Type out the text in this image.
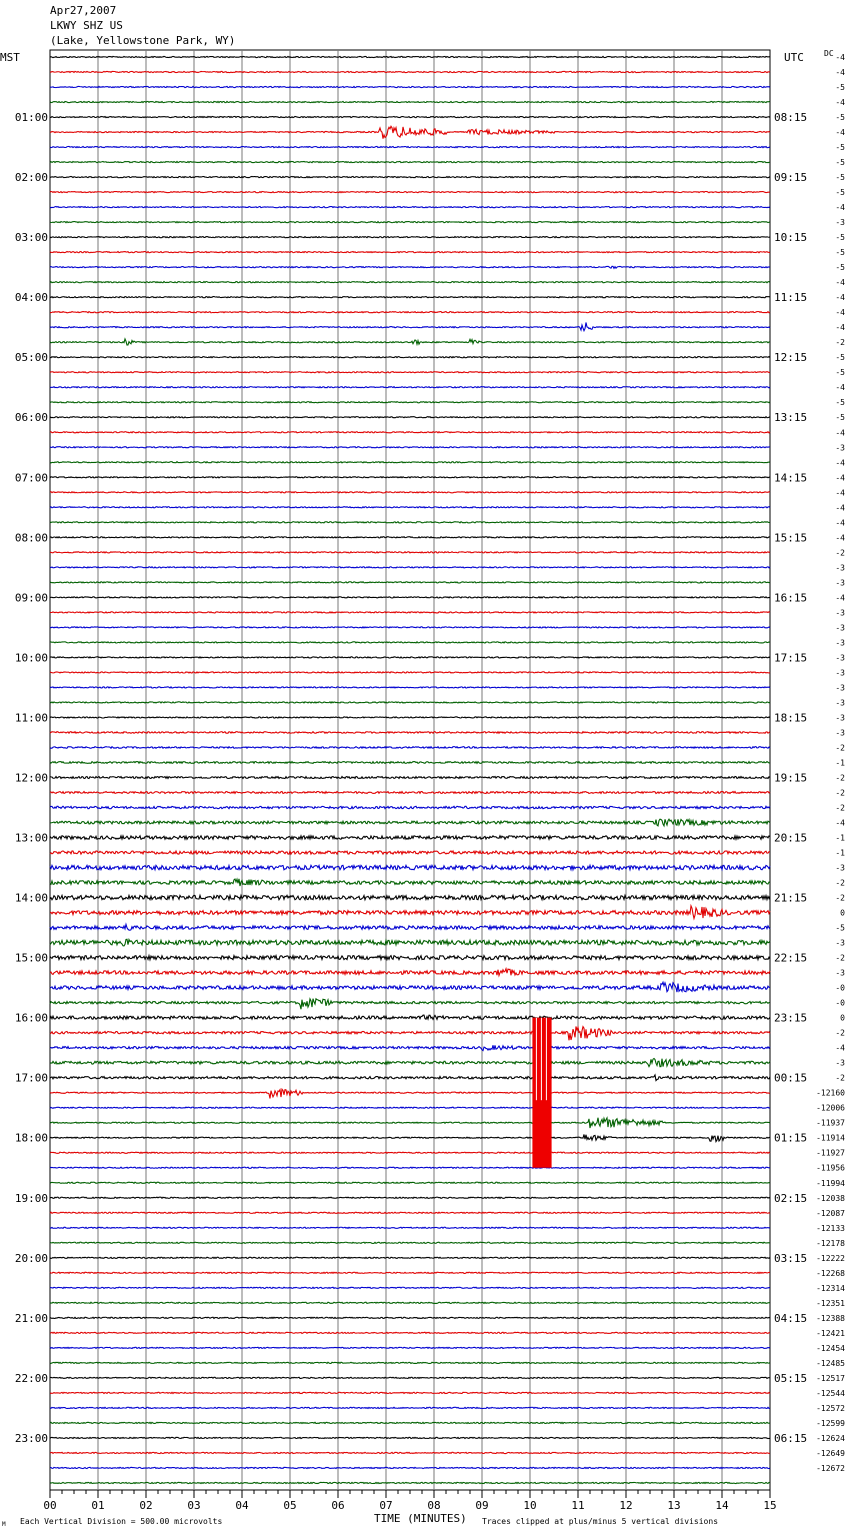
Apr27,2007
LKWY SHZ US
(Lake, Yellowstone Park, WY)
00	01	02	03	04	05	06	07	08	09	10	11	12	13	14	15
-4
-4
-5
-4
-5
01:00	08:15
-4
-5
-5
-5
02:00	09:15
-5
-4
-3
-5
03:00	10:15
-5
-5
-4
-4
04:00	11:15
-4
-4
-2
-5
05:00	12:15
-5
-4
-5
-5
06:00	13:15
-4
-3
-4
-4
07:00	14:15
-4
-4
-4
-4
08:00	15:15
-2
-3
-3
-4
09:00	16:15
-3
-3
-3
-3
10:00	17:15
-3
-3
-3
-3
11:00	18:15
-3
-2
-1
-2
12:00	19:15
-2
-2
-4
-1
13:00	20:15
-1
-3
-2
-2
14:00	21:15
0
-5
-3
-2
15:00	22:15
-3
-0
-0
0
16:00	23:15
-2
-4
-3
-2
17:00	00:15
-12160
-12006
-11937
-11914
18:00	01:15
-11927
-11956
-11994
-12038
19:00	02:15
-12087
-12133
-12178
-12222
20:00	03:15
-12268
-12314
-12351
-12388
21:00	04:15
-12421
-12454
-12485
-12517
22:00	05:15
-12544
-12572
-12599
-12624
23:00	06:15
-12649
-12672
MST	UTC	DC
TIME (MINUTES)
Each Vertical Division = 500.00 microvolts	Traces clipped at plus/minus 5 vertical divisions
M
